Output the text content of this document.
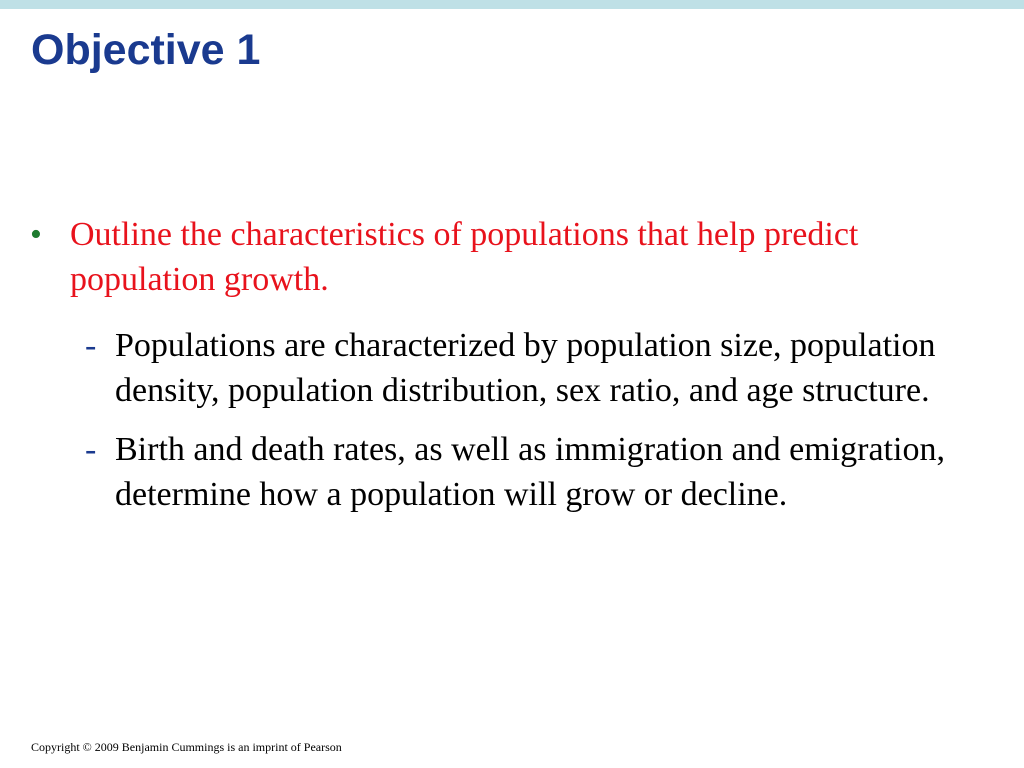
Objective 1
• Outline the characteristics of populations that help predict population growth.
- Populations are characterized by population size, population density, population distribution, sex ratio, and age structure.
- Birth and death rates, as well as immigration and emigration, determine how a population will grow or decline.
Copyright © 2009 Benjamin Cummings is an imprint of Pearson
